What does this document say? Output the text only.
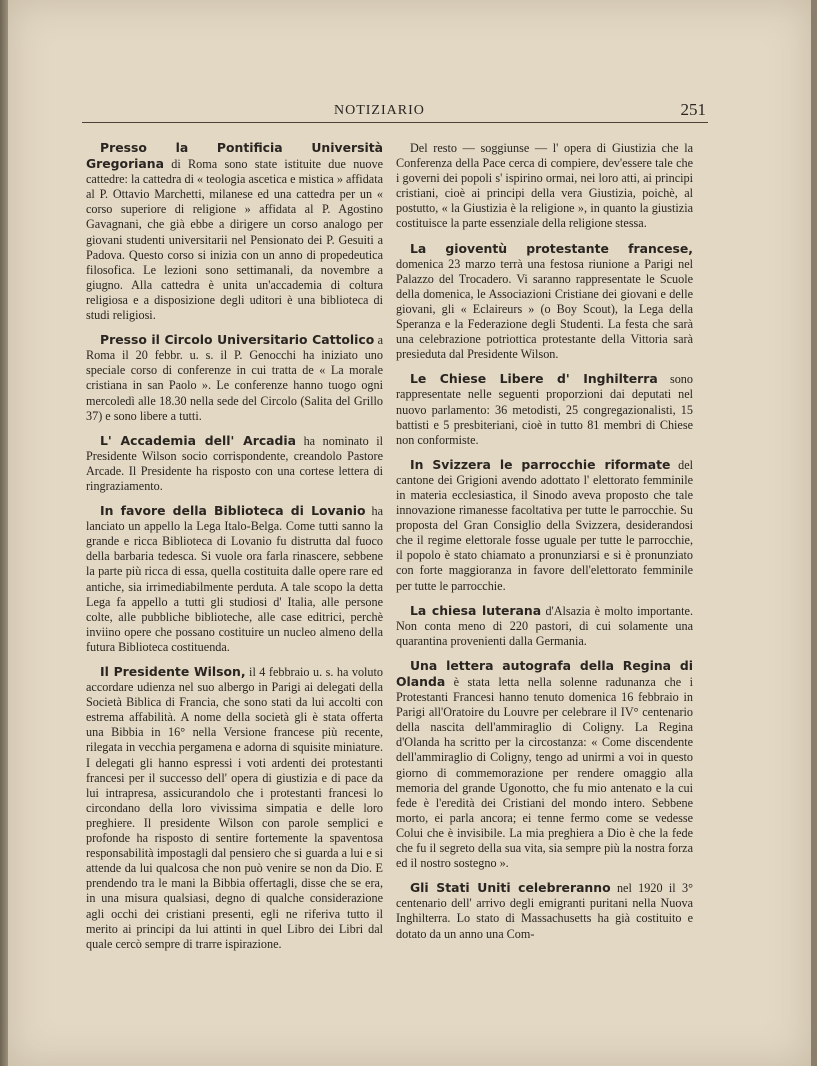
NOTIZIARIO	251

Presso la Pontificia Università Gregoriana di Roma sono state istituite due nuove cattedre: la cattedra di « teologia ascetica e mistica » affidata al P. Ottavio Marchetti, milanese ed una cattedra per un « corso superiore di religione » affidata al P. Agostino Gavagnani, che già ebbe a dirigere un corso analogo per giovani studenti universitarii nel Pensionato dei P. Gesuiti a Padova. Questo corso si inizia con un anno di propedeutica filosofica. Le lezioni sono settimanali, da novembre a giugno. Alla cattedra è unita un'accademia di coltura religiosa e a disposizione degli uditori è una biblioteca di studi religiosi.

Presso il Circolo Universitario Cattolico a Roma il 20 febbr. u. s. il P. Genocchi ha iniziato uno speciale corso di conferenze in cui tratta de « La morale cristiana in san Paolo ». Le conferenze hanno tuogo ogni mercoledì alle 18.30 nella sede del Circolo (Salita del Grillo 37) e sono libere a tutti.

L' Accademia dell' Arcadia ha nominato il Presidente Wilson socio corrispondente, creandolo Pastore Arcade. Il Presidente ha risposto con una cortese lettera di ringraziamento.

In favore della Biblioteca di Lovanio ha lanciato un appello la Lega Italo-Belga. Come tutti sanno la grande e ricca Biblioteca di Lovanio fu distrutta dal fuoco della barbaria tedesca. Si vuole ora farla rinascere, sebbene la parte più ricca di essa, quella costituita dalle opere rare ed antiche, sia irrimediabilmente perduta. A tale scopo la detta Lega fa appello a tutti gli studiosi d' Italia, alle persone colte, alle pubbliche biblioteche, alle case editrici, perchè inviino opere che possano costituire un nucleo almeno della futura Biblioteca costituenda.

Il Presidente Wilson, il 4 febbraio u. s. ha voluto accordare udienza nel suo albergo in Parigi ai delegati della Società Biblica di Francia, che sono stati da lui accolti con estrema affabilità. A nome della società gli è stata offerta una Bibbia in 16° nella Versione francese più recente, rilegata in vecchia pergamena e adorna di squisite miniature. I delegati gli hanno espressi i voti ardenti dei protestanti francesi per il successo dell' opera di giustizia e di pace da lui intrapresa, assicurandolo che i protestanti francesi lo circondano della loro vivissima simpatia e delle loro preghiere. Il presidente Wilson con parole semplici e profonde ha risposto di sentire fortemente la spaventosa responsabilità impostagli dal pensiero che si guarda a lui e si attende da lui qualcosa che non può venire se non da Dio. E prendendo tra le mani la Bibbia offertagli, disse che se era, in una misura qualsiasi, degno di qualche considerazione agli occhi dei cristiani presenti, egli ne riferiva tutto il merito ai principi da lui attinti in quel Libro dei Libri dal quale cercò sempre di trarre ispirazione.

Del resto — soggiunse — l' opera di Giustizia che la Conferenza della Pace cerca di compiere, dev'essere tale che i governi dei popoli s' ispirino ormai, nei loro atti, ai principi cristiani, cioè ai principi della vera Giustizia, poichè, al postutto, « la Giustizia è la religione », in quanto la giustizia costituisce la parte essenziale della religione stessa.

La gioventù protestante francese, domenica 23 marzo terrà una festosa riunione a Parigi nel Palazzo del Trocadero. Vi saranno rappresentate le Scuole della domenica, le Associazioni Cristiane dei giovani e delle giovani, gli « Eclaireurs » (o Boy Scout), la Lega della Speranza e la Federazione degli Studenti. La festa che sarà una celebrazione potriottica protestante della Vittoria sarà presieduta dal Presidente Wilson.

Le Chiese Libere d' Inghilterra sono rappresentate nelle seguenti proporzioni dai deputati nel nuovo parlamento: 36 metodisti, 25 congregazionalisti, 15 battisti e 5 presbiteriani, cioè in tutto 81 membri di Chiese non conformiste.

In Svizzera le parrocchie riformate del cantone dei Grigioni avendo adottato l' elettorato femminile in materia ecclesiastica, il Sinodo aveva proposto che tale innovazione rimanesse facoltativa per tutte le parrocchie. Su proposta del Gran Consiglio della Svizzera, desiderandosi che il regime elettorale fosse uguale per tutte le parrocchie, il popolo è stato chiamato a pronunziarsi e si è pronunziato con forte maggioranza in favore dell'elettorato femminile per tutte le parrocchie.

La chiesa luterana d'Alsazia è molto importante. Non conta meno di 220 pastori, di cui solamente una quarantina provenienti dalla Germania.

Una lettera autografa della Regina di Olanda è stata letta nella solenne radunanza che i Protestanti Francesi hanno tenuto domenica 16 febbraio in Parigi all'Oratoire du Louvre per celebrare il IV° centenario della nascita dell'ammiraglio di Coligny. La Regina d'Olanda ha scritto per la circostanza: « Come discendente dell'ammiraglio di Coligny, tengo ad unirmi a voi in questo giorno di commemorazione per rendere omaggio alla memoria del grande Ugonotto, che fu mio antenato e la cui fede è l'eredità dei Cristiani del mondo intero. Sebbene morto, ei parla ancora; ei tenne fermo come se vedesse Colui che è invisibile. La mia preghiera a Dio è che la fede che fu il segreto della sua vita, sia sempre più la nostra forza ed il nostro sostegno ».

Gli Stati Uniti celebreranno nel 1920 il 3° centenario dell' arrivo degli emigranti puritani nella Nuova Inghilterra. Lo stato di Massachusetts ha già costituito e dotato da un anno una Com-
